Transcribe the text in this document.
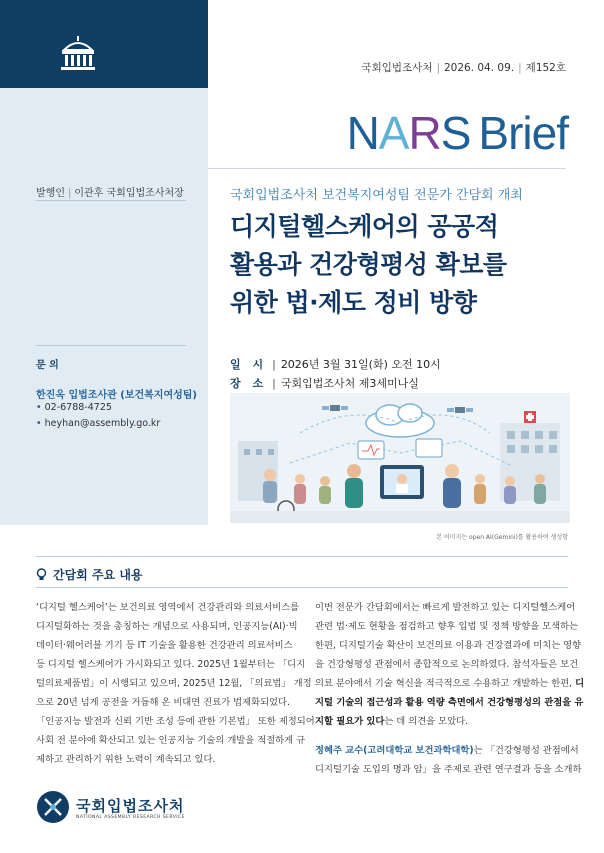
국회입법조사처 | 2026. 04. 09. | 제152호
NARS Brief
발행인 | 이관후 국회입법조사처장	국회입법조사처 보건복지여성팀 전문가 간담회 개최
디지털헬스케어의 공공적
활용과 건강형평성 확보를
위한 법·제도 정비 방향
문 의
한진옥 입법조사관 (보건복지여성팀)
• 02-6788-4725
• heyhan@assembly.go.kr
일 시 | 2026년 3월 31일(화) 오전 10시
장 소 | 국회입법조사처 제3세미나실
본 이미지는 open AI(Gemini)를 활용하여 생성함
간담회 주요 내용
‘디지털 헬스케어’는 보건의료 영역에서 건강관리와 의료서비스를
디지털화하는 것을 총칭하는 개념으로 사용되며, 인공지능(AI)·빅
데이터·웨어러블 기기 등 IT 기술을 활용한 건강관리 의료서비스
등 디지털 헬스케어가 가시화되고 있다. 2025년 1월부터는 「디지
털의료제품법」이 시행되고 있으며, 2025년 12월, 「의료법」 개정
으로 20년 넘게 공전을 거듭해 온 비대면 진료가 법제화되었다.
「인공지능 발전과 신뢰 기반 조성 등에 관한 기본법」 또한 제정되어
사회 전 분야에 확산되고 있는 인공지능 기술의 개발을 적절하게 규
제하고 관리하기 위한 노력이 계속되고 있다.
이번 전문가 간담회에서는 빠르게 발전하고 있는 디지털헬스케어
관련 법·제도 현황을 점검하고 향후 입법 및 정책 방향을 모색하는
한편, 디지털기술 확산이 보건의료 이용과 건강결과에 미치는 영향
을 건강형평성 관점에서 종합적으로 논의하였다. 참석자들은 보건
의료 분야에서 기술 혁신을 적극적으로 수용하고 개발하는 한편, 디
지털 기술의 접근성과 활용 역량 측면에서 건강형평성의 관점을 유
지할 필요가 있다는 데 의견을 모았다.
정혜주 교수(고려대학교 보건과학대학)는 「건강형평성 관점에서
디지털기술 도입의 명과 암」을 주제로 관련 연구결과 등을 소개하
국회입법조사처
NATIONAL ASSEMBLY RESEARCH SERVICE
